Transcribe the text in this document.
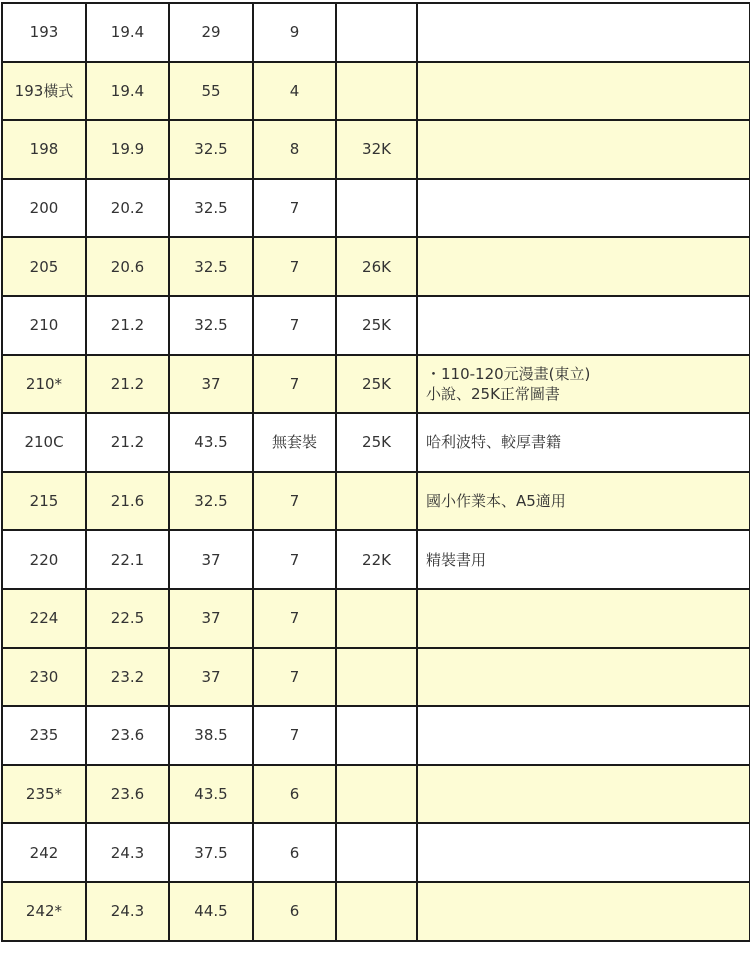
193	19.4	29	9		

193橫式	19.4	55	4		

198	19.9	32.5	8	32K	

200	20.2	32.5	7		

205	20.6	32.5	7	26K	

210	21.2	32.5	7	25K	

210*	21.2	37	7	25K	・110-120元漫畫(東立)
小說、25K正常圖書

210C	21.2	43.5	無套裝	25K	哈利波特、較厚書籍

215	21.6	32.5	7		國小作業本、A5適用

220	22.1	37	7	22K	精裝書用

224	22.5	37	7		

230	23.2	37	7		

235	23.6	38.5	7		

235*	23.6	43.5	6		

242	24.3	37.5	6		

242*	24.3	44.5	6		
